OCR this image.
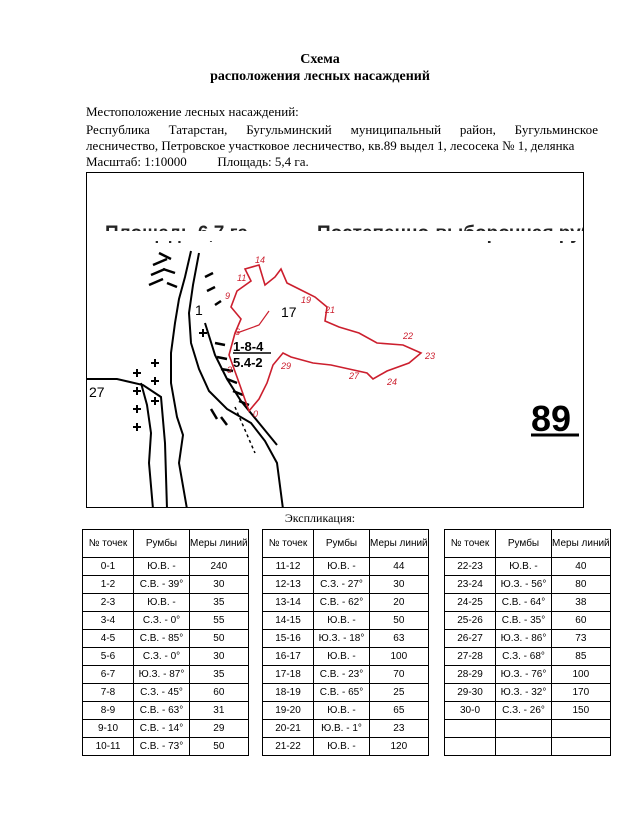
Схема
расположения лесных насаждений
Местоположение лесных насаждений:
Республика Татарстан, Бугульминский муниципальный район, Бугульминское
лесничество, Петровское участковое лесничество, кв.89 выдел 1, лесосека № 1, делянка
Масштаб: 1:10000 Площадь: 5,4 га.
1	17
27
1-8-4
5.4-2
89
0
3
6
9
11
14
19
21
22
23
24
27
29
Экспликация:
№ точек	Румбы	Меры линий
0-1	Ю.В. -	240
1-2	С.В. - 39°	30
2-3	Ю.В. -	35
3-4	С.З. - 0°	55
4-5	С.В. - 85°	50
5-6	С.З. - 0°	30
6-7	Ю.З. - 87°	35
7-8	С.З. - 45°	60
8-9	С.В. - 63°	31
9-10	С.В. - 14°	29
10-11	С.В. - 73°	50
№ точек	Румбы	Меры линий
11-12	Ю.В. -	44
12-13	С.З. - 27°	30
13-14	С.В. - 62°	20
14-15	Ю.В. -	50
15-16	Ю.З. - 18°	63
16-17	Ю.В. -	100
17-18	С.В. - 23°	70
18-19	С.В. - 65°	25
19-20	Ю.В. -	65
20-21	Ю.В. - 1°	23
21-22	Ю.В. -	120
№ точек	Румбы	Меры линий
22-23	Ю.В. -	40
23-24	Ю.З. - 56°	80
24-25	С.В. - 64°	38
25-26	С.В. - 35°	60
26-27	Ю.З. - 86°	73
27-28	С.З. - 68°	85
28-29	Ю.З. - 76°	100
29-30	Ю.З. - 32°	170
30-0	С.З. - 26°	150
